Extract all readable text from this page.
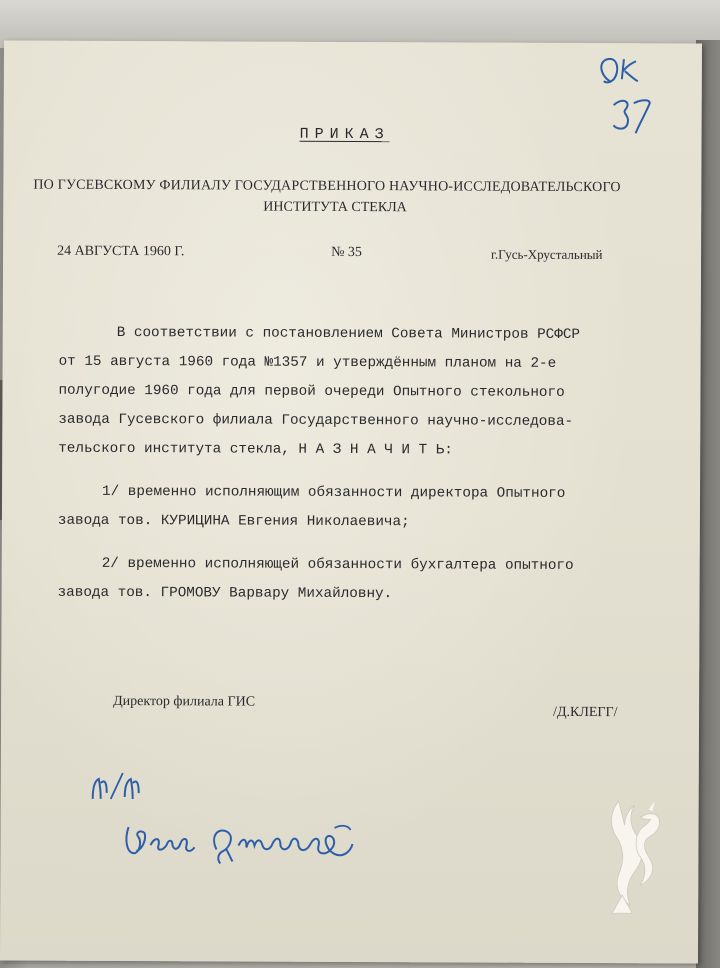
ПРИКАЗ
ПО ГУСЕВСКОМУ ФИЛИАЛУ ГОСУДАРСТВЕННОГО НАУЧНО-ИССЛЕДОВАТЕЛЬСКОГО
ИНСТИТУТА СТЕКЛА
24 АВГУСТА 1960 Г.	№ 35	г.Гусь-Хрустальный
В соответствии с постановлением Совета Министров РСФСР
от 15 августа 1960 года №1357 и утверждённым планом на 2-е
полугодие 1960 года для первой очереди Опытного стекольного
завода Гусевского филиала Государственного научно-исследова-
тельского института стекла, Н А З Н А Ч И Т Ь:
1/ временно исполняющим обязанности директора Опытного
завода тов. КУРИЦИНА Евгения Николаевича;
2/ временно исполняющей обязанности бухгалтера опытного
завода тов. ГРОМОВУ Варвару Михайловну.
Директор филиала ГИС
/Д.КЛЕГГ/
